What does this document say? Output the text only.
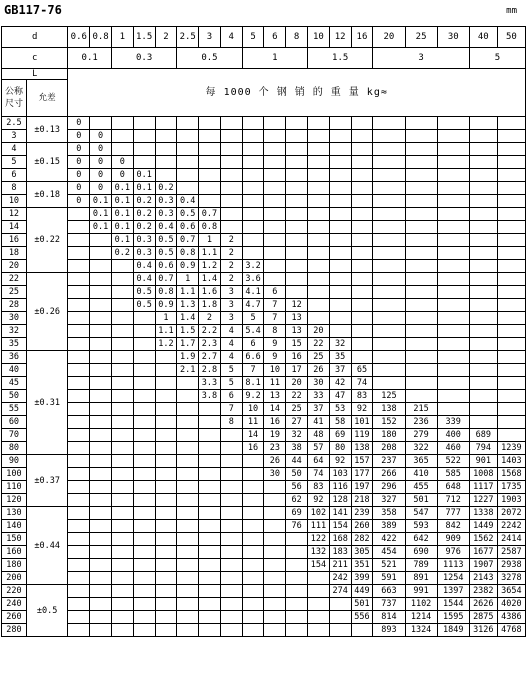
GB117-76	mm
d		0.6	0.8	1	1.5	2	2.5	3	4	5	6	8	10	12	16	20	25	30	40	50
c		0.1		0.3			0.5			1			1.5			3			5	
L		每 1000 个 钢 销 的 重 量 kg≈																		
公称
尺寸	允差																			
2.5	±0.13	0																		
3		0	0																	
4	±0.15	0	0																	
5		0	0	0																
6		0	0	0	0.1															
8	±0.18	0	0	0.1	0.1	0.2														
10		0	0.1	0.1	0.2	0.3	0.4													
12	±0.22		0.1	0.1	0.2	0.3	0.5	0.7												
14			0.1	0.1	0.2	0.4	0.6	0.8												
16				0.1	0.3	0.5	0.7	1	2											
18				0.2	0.3	0.5	0.8	1.1	2											
20					0.4	0.6	0.9	1.2	2	3.2										
22	±0.26				0.4	0.7	1	1.4	2	3.6										
25					0.5	0.8	1.1	1.6	3	4.1	6									
28					0.5	0.9	1.3	1.8	3	4.7	7	12								
30						1	1.4	2	3	5	7	13								
32						1.1	1.5	2.2	4	5.4	8	13	20							
35						1.2	1.7	2.3	4	6	9	15	22	32						
36	±0.31						1.9	2.7	4	6.6	9	16	25	35						
40							2.1	2.8	5	7	10	17	26	37	65					
45								3.3	5	8.1	11	20	30	42	74					
50								3.8	6	9.2	13	22	33	47	83	125				
55									7	10	14	25	37	53	92	138	215			
60									8	11	16	27	41	58	101	152	236	339		
70										14	19	32	48	69	119	180	279	400	689	
80										16	23	38	57	80	138	208	322	460	794	1239
90	±0.37										26	44	64	92	157	237	365	522	901	1403
100											30	50	74	103	177	266	410	585	1008	1568
110												56	83	116	197	296	455	648	1117	1735
120												62	92	128	218	327	501	712	1227	1903
130	±0.44											69	102	141	239	358	547	777	1338	2072
140												76	111	154	260	389	593	842	1449	2242
150													122	168	282	422	642	909	1562	2414
160													132	183	305	454	690	976	1677	2587
180													154	211	351	521	789	1113	1907	2938
200														242	399	591	891	1254	2143	3278
220	±0.5													274	449	663	991	1397	2382	3654
240															501	737	1102	1544	2626	4020
260															556	814	1214	1595	2875	4386
280																893	1324	1849	3126	4768
